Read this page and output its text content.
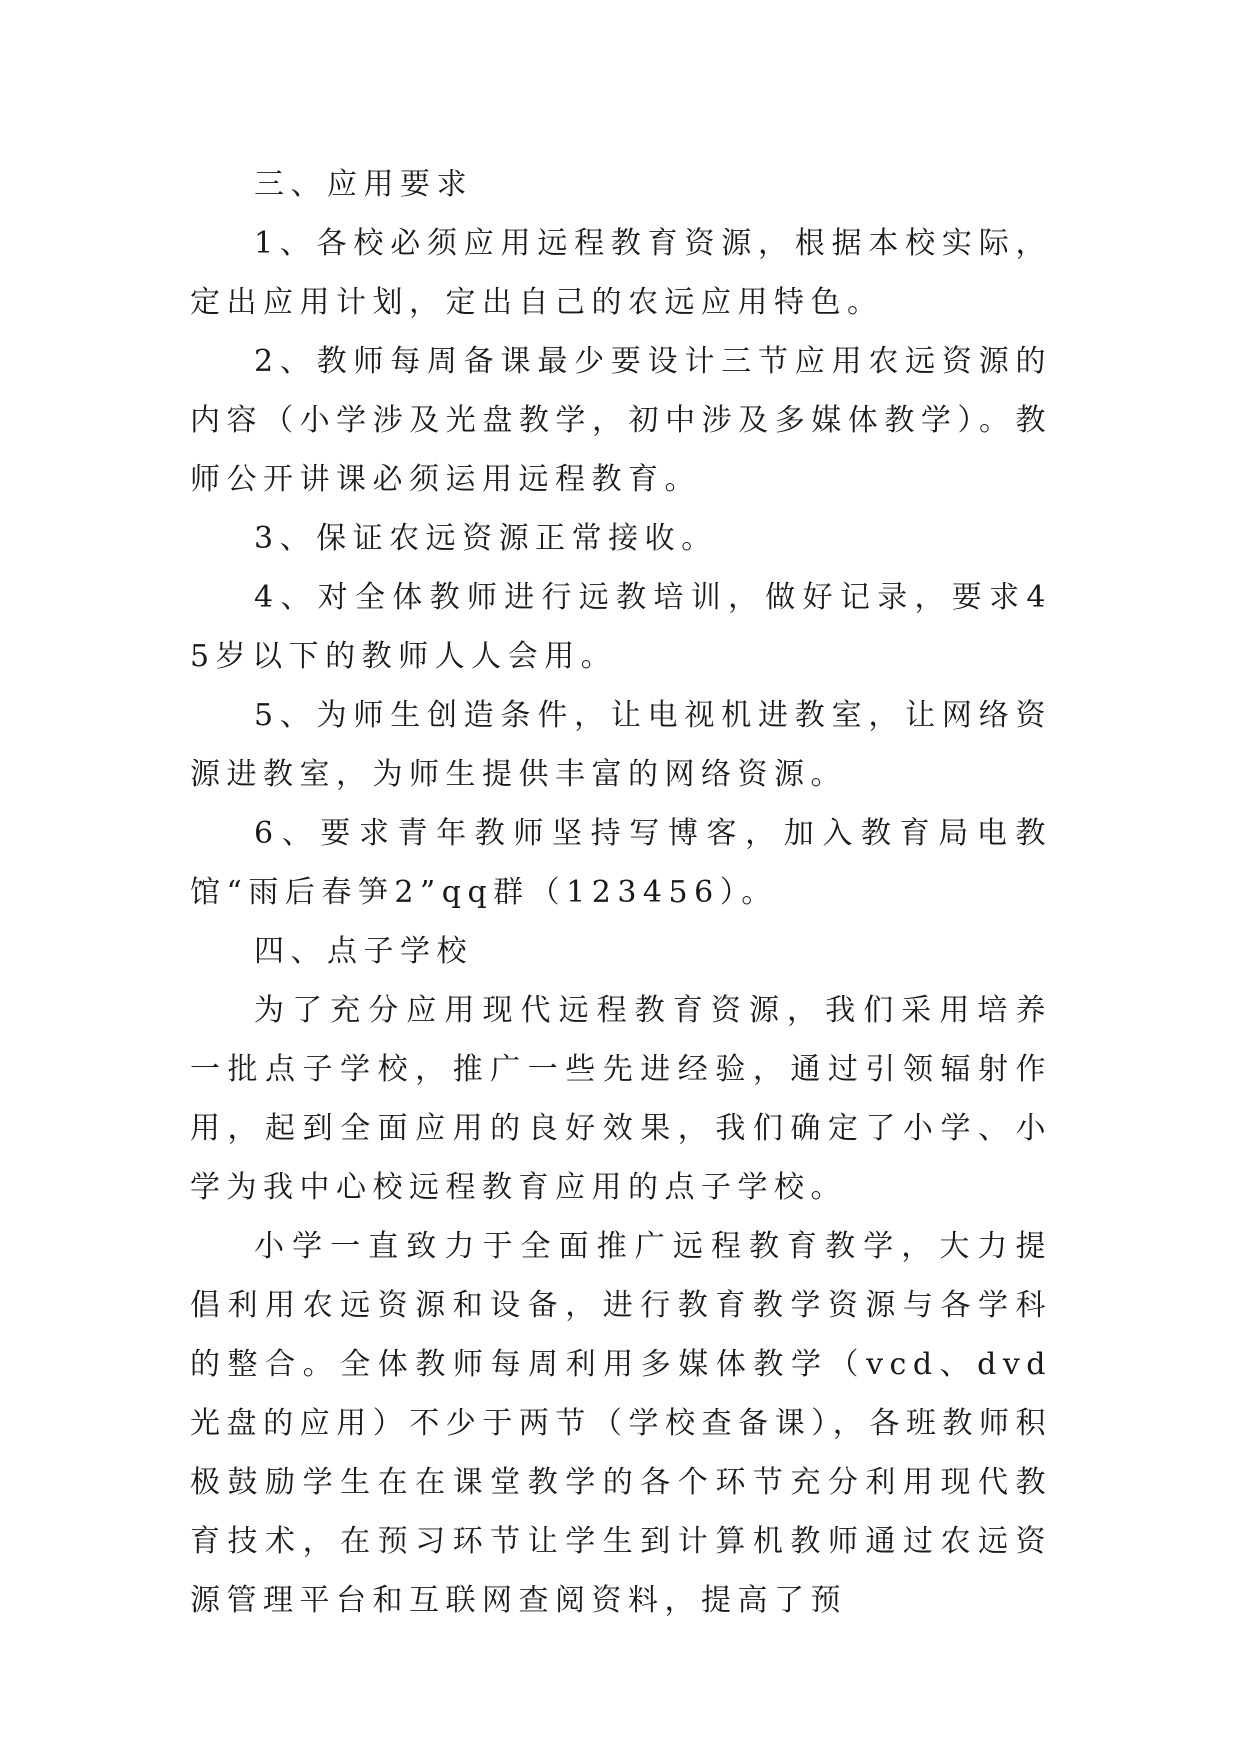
三、应用要求

1、各校必须应用远程教育资源，根据本校实际，定出应用计划，定出自己的农远应用特色。

2、教师每周备课最少要设计三节应用农远资源的内容（小学涉及光盘教学，初中涉及多媒体教学）。教师公开讲课必须运用远程教育。

3、保证农远资源正常接收。

4、对全体教师进行远教培训，做好记录，要求45岁以下的教师人人会用。

5、为师生创造条件，让电视机进教室，让网络资源进教室，为师生提供丰富的网络资源。

6、要求青年教师坚持写博客，加入教育局电教馆“雨后春笋2”qq群（123456）。

四、点子学校

为了充分应用现代远程教育资源，我们采用培养一批点子学校，推广一些先进经验，通过引领辐射作用，起到全面应用的良好效果，我们确定了小学、小学为我中心校远程教育应用的点子学校。

小学一直致力于全面推广远程教育教学，大力提倡利用农远资源和设备，进行教育教学资源与各学科的整合。全体教师每周利用多媒体教学（vcd、dvd光盘的应用）不少于两节（学校查备课），各班教师积极鼓励学生在在课堂教学的各个环节充分利用现代教育技术，在预习环节让学生到计算机教师通过农远资源管理平台和互联网查阅资料，提高了预
